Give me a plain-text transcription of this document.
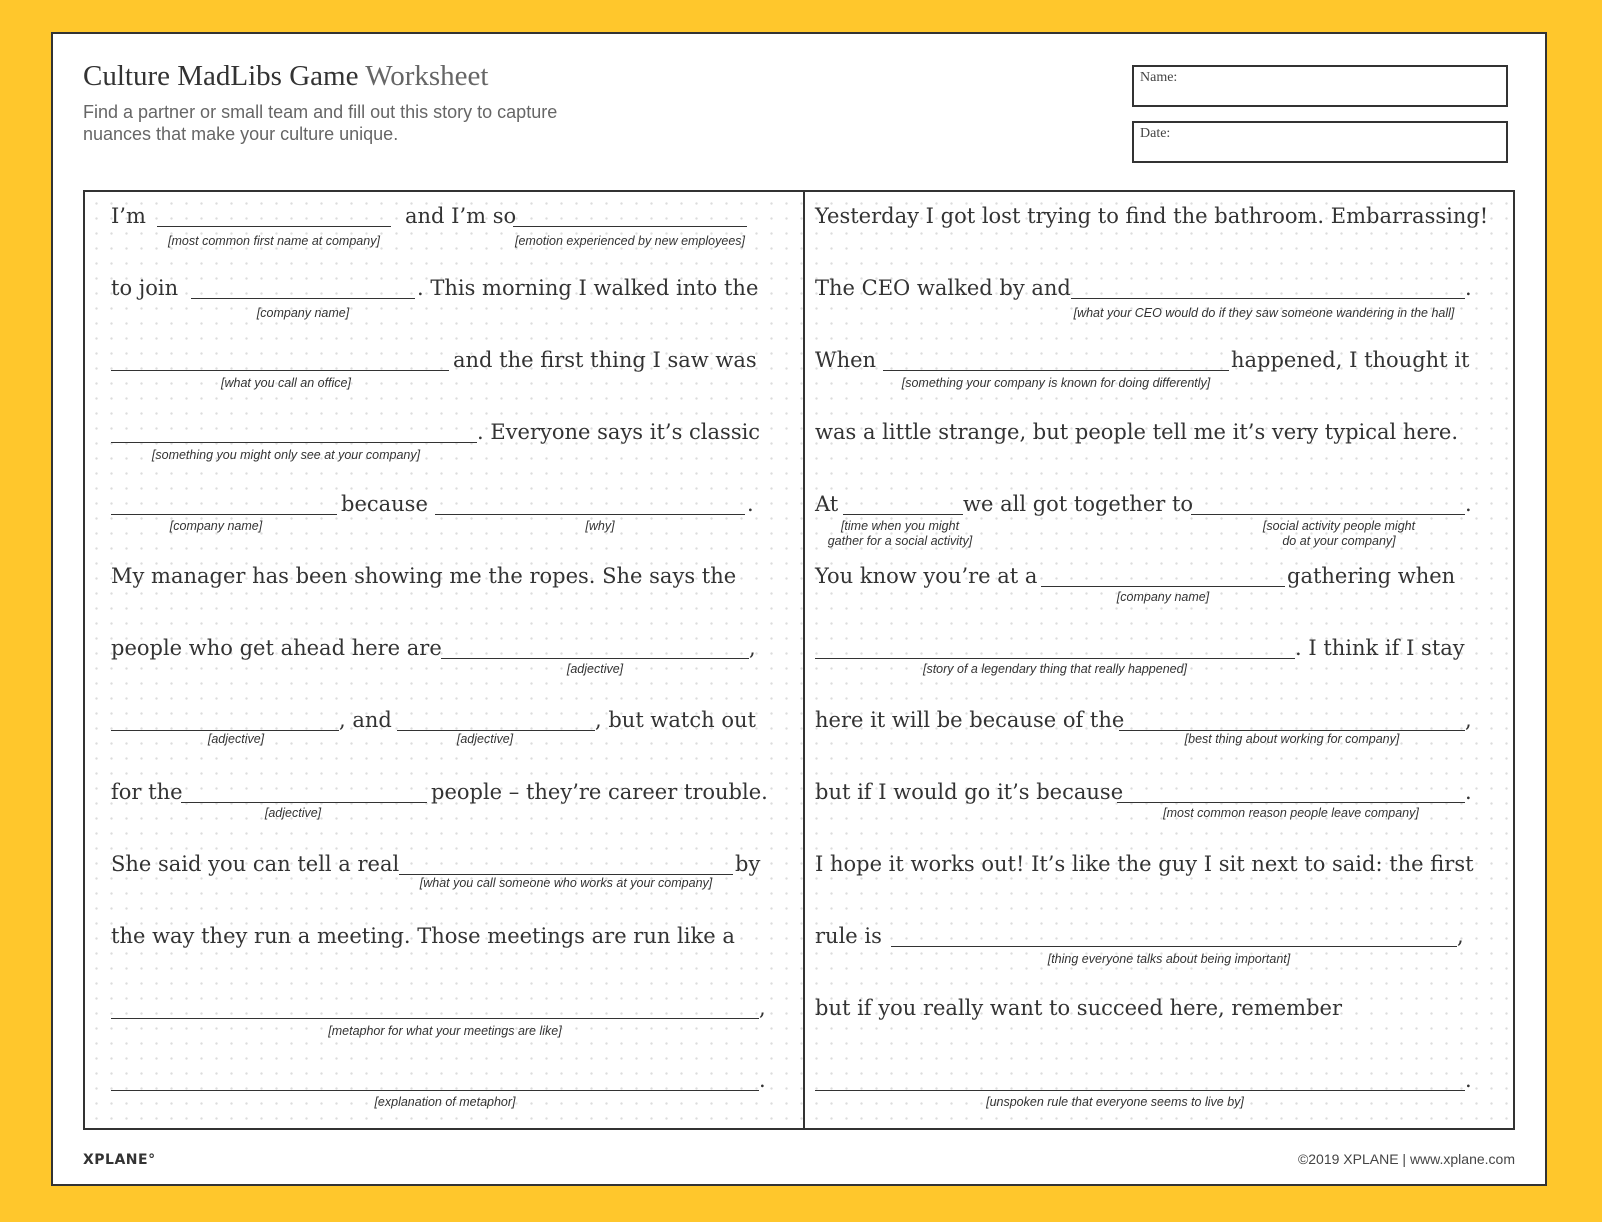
Culture MadLibs Game Worksheet
Find a partner or small team and fill out this story to capture nuances that make your culture unique.
Name:
Date:
I’m	and I’m so
[most common first name at company]	[emotion experienced by new employees]
to join	. This morning I walked into the
[company name]
and the first thing I saw was
[what you call an office]
. Everyone says it’s classic
[something you might only see at your company]
because	.
[company name]	[why]
My manager has been showing me the ropes. She says the
people who get ahead here are	,
[adjective]
, and	, but watch out
[adjective]	[adjective]
for the	people – they’re career trouble.
[adjective]
She said you can tell a real	by
[what you call someone who works at your company]
the way they run a meeting. Those meetings are run like a
,
[metaphor for what your meetings are like]
.
[explanation of metaphor]
Yesterday I got lost trying to find the bathroom. Embarrassing!
The CEO walked by and	.
[what your CEO would do if they saw someone wandering in the hall]
When	happened, I thought it
[something your company is known for doing differently]
was a little strange, but people tell me it’s very typical here.
At	we all got together to	.
[time when you might
gather for a social activity]
[social activity people might
do at your company]
You know you’re at a	gathering when
[company name]
. I think if I stay
[story of a legendary thing that really happened]
here it will be because of the	,
[best thing about working for company]
but if I would go it’s because	.
[most common reason people leave company]
I hope it works out! It’s like the guy I sit next to said: the first
rule is	,
[thing everyone talks about being important]
but if you really want to succeed here, remember
.
[unspoken rule that everyone seems to live by]
XPLANE°	©2019 XPLANE | www.xplane.com
